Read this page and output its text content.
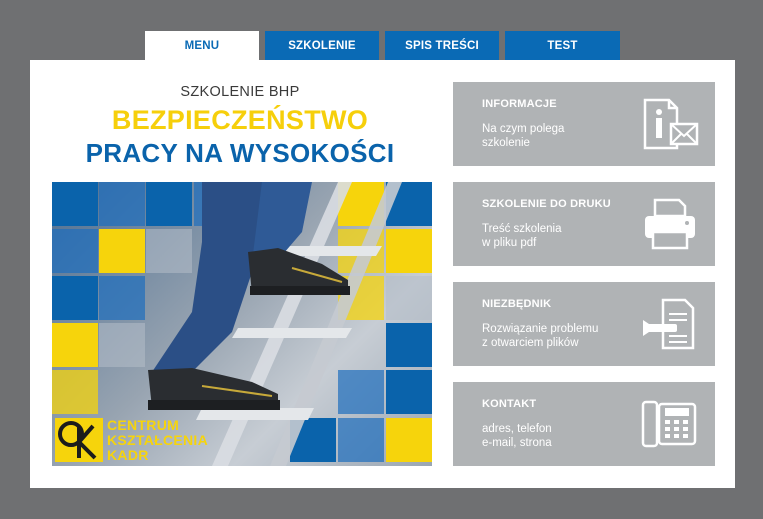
MENU	SZKOLENIE	SPIS TREŚCI	TEST
SZKOLENIE BHP
BEZPIECZEŃSTWO
PRACY NA WYSOKOŚCI
CENTRUM
KSZTAŁCENIA
KADR
INFORMACJE
Na czym polega
szkolenie
SZKOLENIE DO DRUKU
Treść szkolenia
w pliku pdf
NIEZBĘDNIK
Rozwiązanie problemu
z otwarciem plików
KONTAKT
adres, telefon
e-mail, strona
